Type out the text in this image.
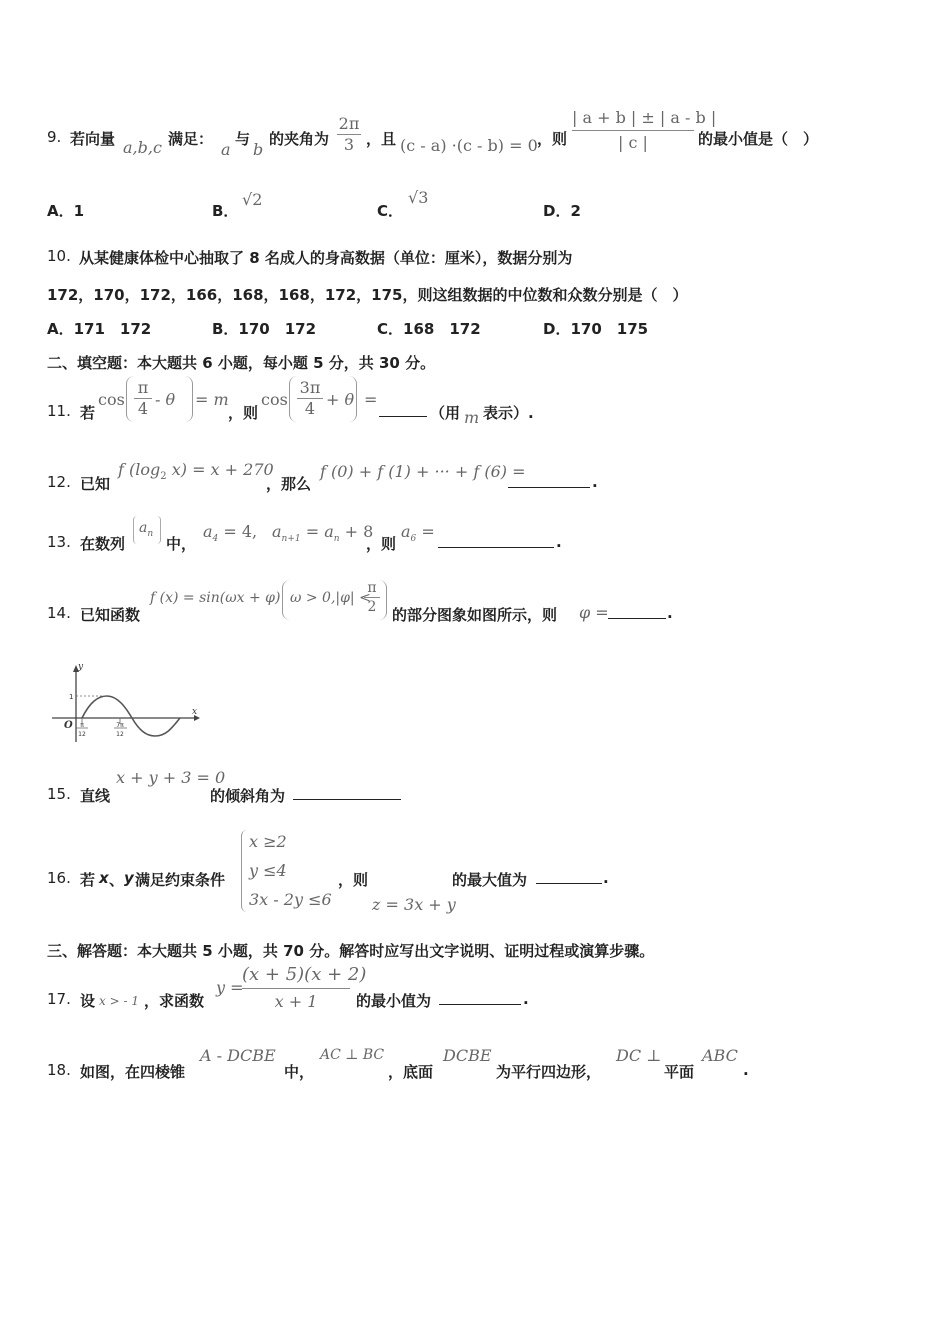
9. 若向量 a,b,c 满足：
a
与
b
的夹角为
2π
3 ，且 (c - a) ·(c - b) = 0 ，则
| a + b | ± | a - b |
| c |	的最小值是（　）
A．1	B．
√2
C．
√3
D．2
10. 从某健康体检中心抽取了 8 名成人的身高数据（单位：厘米），数据分别为
172，170，172，166，168，168，172，175，则这组数据的中位数和众数分别是（　）
A．171　172	B．170　172	C．168　172	D．170　175
二、填空题：本大题共 6 小题，每小题 5 分，共 30 分。
11. 若
cos
π
4 - θ = m
，则
cos
3π
4 + θ =
（用 m 表示）.
12. 已知
f ($\log_2$ x) = x + 270
，那么
f (0) + f (1) + ··· + f (6) =
.
13. 在数列
$a_n$
中，
$a_4 = 4$, $a_{n+1} = a_n + 8$
，则
$a_6$ =
.
14. 已知函数
f (x) = sin(ωx + φ) ω > 0,|φ| <
π
2 的部分图象如图所示，则 φ =	.
y
x
1
O π
12
7π
12
15. 直线
x + y + 3 = 0
的倾斜角为
16. 若 x 、 y 满足约束条件
x ≥2
y ≤4
3x - 2y ≤6
，则
z = 3x + y
的最大值为	.
三、解答题：本大题共 5 小题，共 70 分。解答时应写出文字说明、证明过程或演算步骤。
17. 设 x > - 1 ，求函数
y =
$\frac{(x + 5)(x + 2)}{x + 1}$ 的最小值为	.
18. 如图，在四棱锥
A - DCBE
中，
AC ⊥ BC
，底面
DCBE
为平行四边形，
DC ⊥
平面
ABC
.
